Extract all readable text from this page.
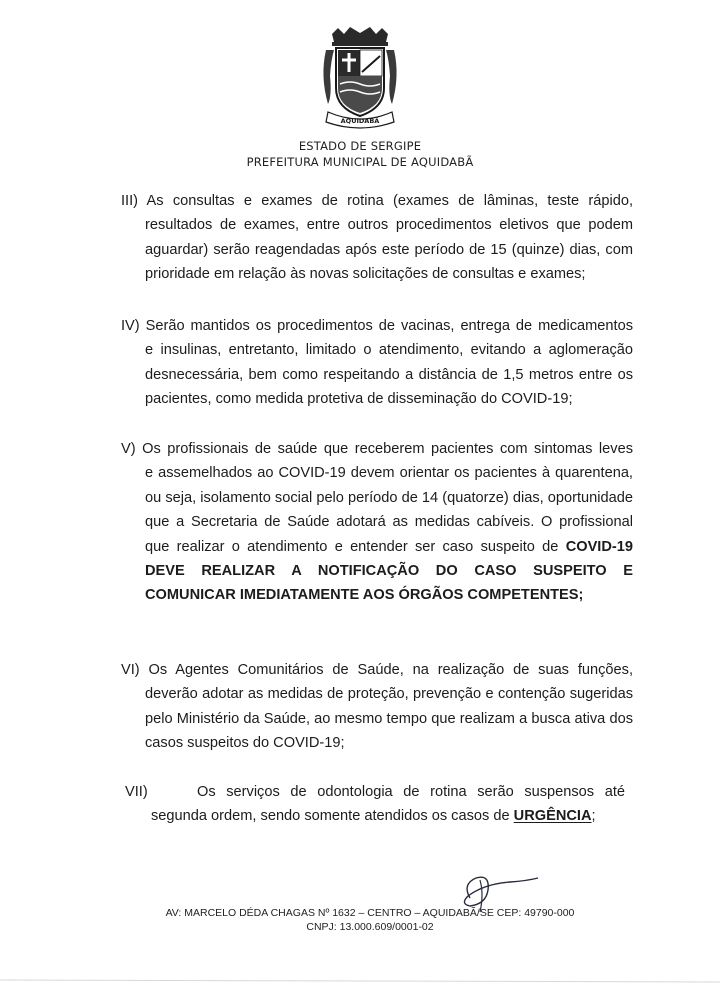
AQUIDABÃ
ESTADO DE SERGIPE
PREFEITURA MUNICIPAL DE AQUIDABÃ

III) As consultas e exames de rotina (exames de lâminas, teste rápido,

resultados de exames, entre outros procedimentos eletivos que podem aguardar) serão reagendadas após este período de 15 (quinze) dias, com prioridade em relação às novas solicitações de consultas e exames;

IV) Serão mantidos os procedimentos de vacinas, entrega de medicamentos

e insulinas, entretanto, limitado o atendimento, evitando a aglomeração desnecessária, bem como respeitando a distância de 1,5 metros entre os pacientes, como medida protetiva de disseminação do COVID-19;

V) Os profissionais de saúde que receberem pacientes com sintomas leves

e assemelhados ao COVID-19 devem orientar os pacientes à quarentena, ou seja, isolamento social pelo período de 14 (quatorze) dias, oportunidade que a Secretaria de Saúde adotará as medidas cabíveis. O profissional que realizar o atendimento e entender ser caso suspeito de COVID-19 DEVE REALIZAR A NOTIFICAÇÃO DO CASO SUSPEITO E COMUNICAR IMEDIATAMENTE AOS ÓRGÃOS COMPETENTES;

VI) Os Agentes Comunitários de Saúde, na realização de suas funções,

deverão adotar as medidas de proteção, prevenção e contenção sugeridas pelo Ministério da Saúde, ao mesmo tempo que realizam a busca ativa dos casos suspeitos do COVID-19;

VII)	Os serviços de odontologia de rotina serão suspensos até
segunda ordem, sendo somente atendidos os casos de URGÊNCIA;
AV: MARCELO DÉDA CHAGAS Nº 1632 – CENTRO – AQUIDABÃ/SE CEP: 49790-000
CNPJ: 13.000.609/0001-02
